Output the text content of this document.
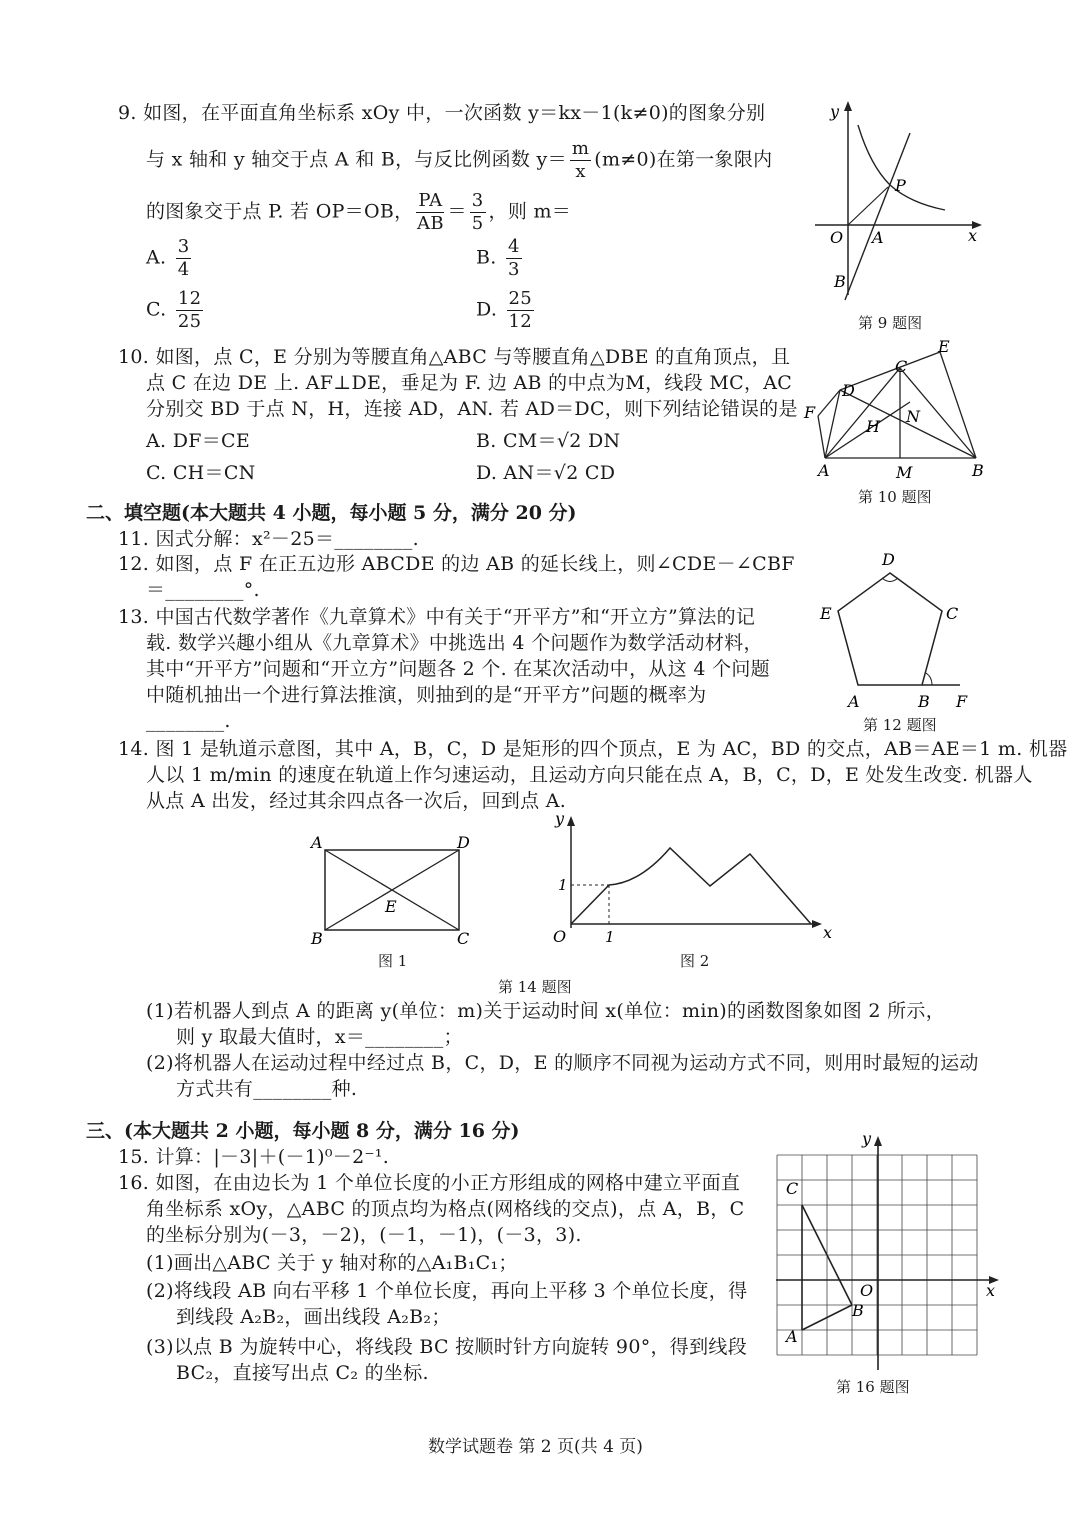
9. 如图，在平面直角坐标系 xOy 中，一次函数 y＝kx－1(k≠0)的图象分别
与 x 轴和 y 轴交于点 A 和 B，与反比例函数 $y= \frac{m}{x} (m\ne 0)$在第一象限内
的图象交于点 P. 若 OP＝OB， $\frac{PA}{AB} = \frac{3}{5}$ ，则 m＝
A. $\frac{3}{4}$	B. $\frac{4}{3}$
C. $\frac{12}{25}$	D. $\frac{25}{12}$
y
x
O A
B
P
第 9 题图
10. 如图，点 C，E 分别为等腰直角△ABC 与等腰直角△DBE 的直角顶点，且
点 C 在边 DE 上. AF⊥DE，垂足为 F. 边 AB 的中点为M，线段 MC，AC
分别交 BD 于点 N，H，连接 AD，AN. 若 AD＝DC，则下列结论错误的是
A. DF＝CE	B. CM＝√2 DN
C. CH＝CN	D. AN＝√2 CD	A	B
C
D
E
F
H
M
N
第 10 题图
二、填空题(本大题共 4 小题，每小题 5 分，满分 20 分)
11. 因式分解：x²－25＝________.
12. 如图，点 F 在正五边形 ABCDE 的边 AB 的延长线上，则∠CDE－∠CBF
＝________°.
D
C
E
A	B F
第 12 题图
13. 中国古代数学著作《九章算术》中有关于“开平方”和“开立方”算法的记
载. 数学兴趣小组从《九章算术》中挑选出 4 个问题作为数学活动材料，
其中“开平方”问题和“开立方”问题各 2 个. 在某次活动中，从这 4 个问题
中随机抽出一个进行算法推演，则抽到的是“开平方”问题的概率为
________.
14. 图 1 是轨道示意图，其中 A，B，C，D 是矩形的四个顶点，E 为 AC，BD 的交点，AB＝AE＝1 m. 机器
人以 1 m/min 的速度在轨道上作匀速运动，且运动方向只能在点 A，B，C，D，E 处发生改变. 机器人
从点 A 出发，经过其余四点各一次后，回到点 A.
A	D
B	C
E
图 1
y
x
O	1
1
图 2
第 14 题图
(1)若机器人到点 A 的距离 y(单位：m)关于运动时间 x(单位：min)的函数图象如图 2 所示，
则 y 取最大值时，x＝________；
(2)将机器人在运动过程中经过点 B，C，D，E 的顺序不同视为运动方式不同，则用时最短的运动
方式共有________种.
三、(本大题共 2 小题，每小题 8 分，满分 16 分)
15. 计算：|－3|＋(－1)⁰－2⁻¹.
16. 如图，在由边长为 1 个单位长度的小正方形组成的网格中建立平面直
角坐标系 xOy，△ABC 的顶点均为格点(网格线的交点)，点 A，B，C
的坐标分别为(－3，－2)，(－1，－1)，(－3，3).
(1)画出△ABC 关于 y 轴对称的△A₁B₁C₁；
(2)将线段 AB 向右平移 1 个单位长度，再向上平移 3 个单位长度，得
到线段 A₂B₂，画出线段 A₂B₂；
(3)以点 B 为旋转中心，将线段 BC 按顺时针方向旋转 90°，得到线段
BC₂，直接写出点 C₂ 的坐标.
y
x
O
A
B
C
第 16 题图
数学试题卷 第 2 页(共 4 页)
